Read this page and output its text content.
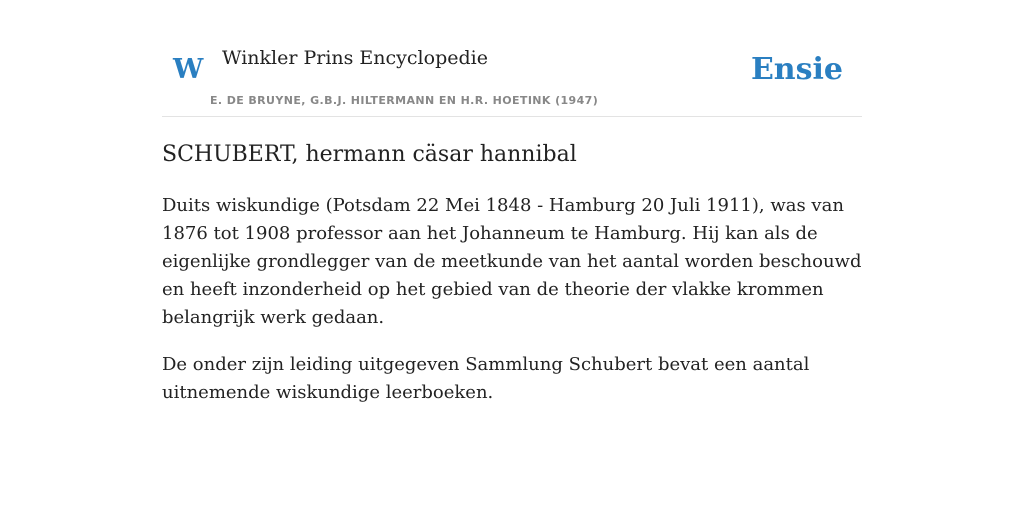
W Winkler Prins Encyclopedie
E. DE BRUYNE, G.B.J. HILTERMANN EN H.R. HOETINK (1947)
Ensie
SCHUBERT, hermann cäsar hannibal

Duits wiskundige (Potsdam 22 Mei 1848 - Hamburg 20 Juli 1911), was van 1876 tot 1908 professor aan het Johanneum te Hamburg. Hij kan als de eigenlijke grondlegger van de meetkunde van het aantal worden beschouwd en heeft inzonderheid op het gebied van de theorie der vlakke krommen belangrijk werk gedaan.

De onder zijn leiding uitgegeven Sammlung Schubert bevat een aantal uitnemende wiskundige leerboeken.
